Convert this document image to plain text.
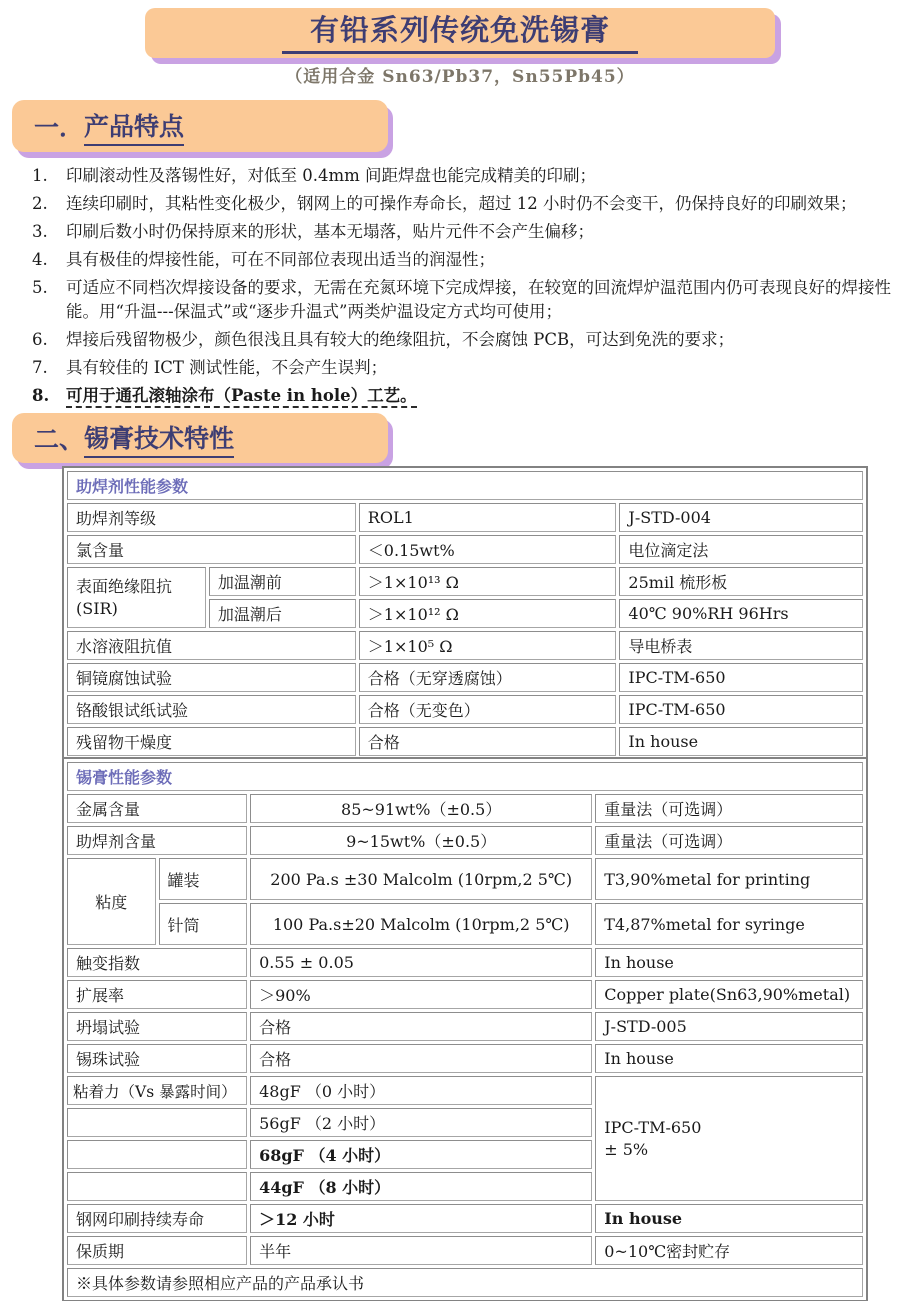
有铅系列传统免洗锡膏
（适用合金 Sn63/Pb37，Sn55Pb45）
一． 产品特点
1.	印刷滚动性及落锡性好，对低至 0.4mm 间距焊盘也能完成精美的印刷；
2.	连续印刷时，其粘性变化极少，钢网上的可操作寿命长，超过 12 小时仍不会变干，仍保持良好的印刷效果；
3.	印刷后数小时仍保持原来的形状，基本无塌落，贴片元件不会产生偏移；
4.	具有极佳的焊接性能，可在不同部位表现出适当的润湿性；
5.	可适应不同档次焊接设备的要求，无需在充氮环境下完成焊接，在较宽的回流焊炉温范围内仍可表现良好的焊接性能。用“升温---保温式”或“逐步升温式”两类炉温设定方式均可使用；
6.	焊接后残留物极少，颜色很浅且具有较大的绝缘阻抗，不会腐蚀 PCB，可达到免洗的要求；
7.	具有较佳的 ICT 测试性能，不会产生误判；
8.	可用于通孔滚轴涂布（Paste in hole）工艺。
二、 锡膏技术特性
助焊剂性能参数			
助焊剂等级		ROL1	J-STD-004
氯含量		＜0.15wt%	电位滴定法

表面绝缘阻抗
(SIR)	加温潮前	＞1×10¹³ Ω	25mil 梳形板
	加温潮后	＞1×10¹² Ω	40℃ 90%RH 96Hrs
水溶液阻抗值		＞1×10⁵ Ω	导电桥表
铜镜腐蚀试验		合格（无穿透腐蚀）	IPC-TM-650
铬酸银试纸试验		合格（无变色）	IPC-TM-650
残留物干燥度		合格	In house
锡膏性能参数			
金属含量		85~91wt%（±0.5）	重量法（可选调）
助焊剂含量		9~15wt%（±0.5）	重量法（可选调）
粘度	罐装	200 Pa.s ±30 Malcolm (10rpm,2 5℃)	T3,90%metal for printing
	针筒	100 Pa.s±20 Malcolm (10rpm,2 5℃)	T4,87%metal for syringe
触变指数		0.55 ± 0.05	In house
扩展率		＞90%	Copper plate(Sn63,90%metal)
坍塌试验		合格	J-STD-005
锡珠试验		合格	In house
粘着力（Vs 暴露时间）		48gF （0 小时）	IPC-TM-650
± 5%

		56gF （2 小时）	
		68gF （4 小时）	
		44gF （8 小时）	
钢网印刷持续寿命		＞12 小时	In house
保质期		半年	0~10℃密封贮存
※具体参数请参照相应产品的产品承认书			
